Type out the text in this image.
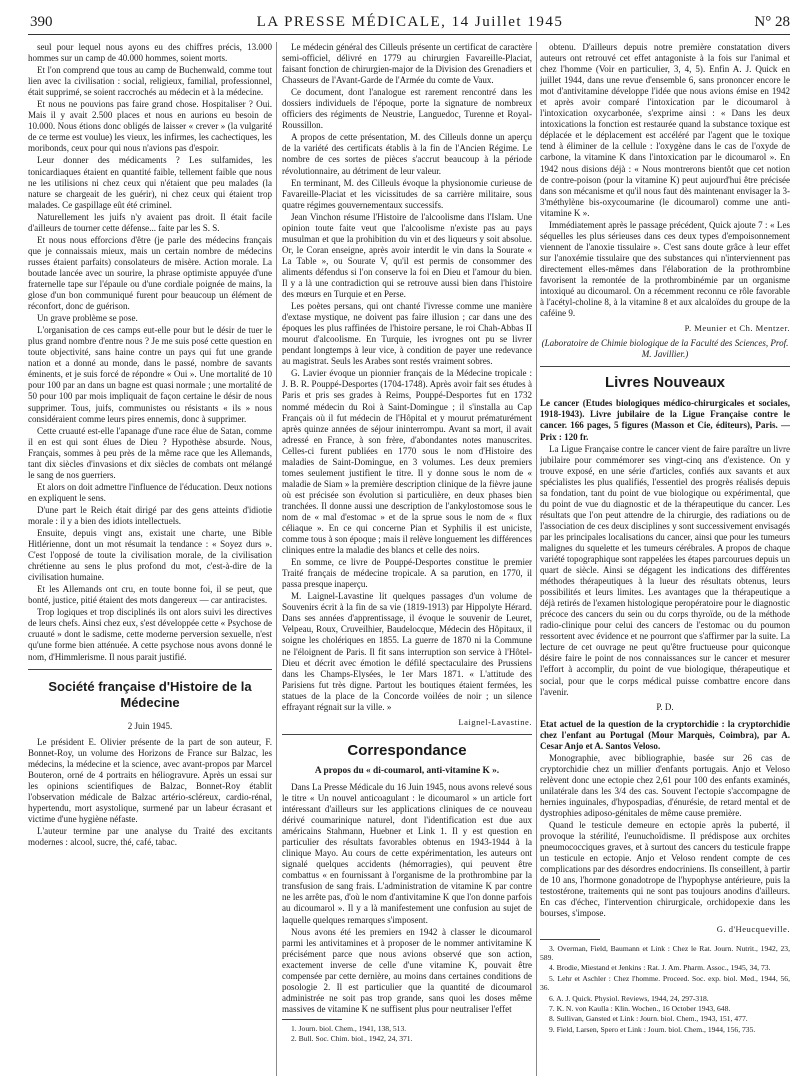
390	LA PRESSE MÉDICALE, 14 Juillet 1945	N° 28

seul pour lequel nous ayons eu des chiffres précis, 13.000 hommes sur un camp de 40.000 hommes, soient morts.

Et l'on comprend que tous au camp de Buchenwald, comme tout lien avec la civilisation : social, religieux, familial, professionnel, était supprimé, se soient raccrochés au médecin et à la médecine.

Et nous ne pouvions pas faire grand chose. Hospitaliser ? Oui. Mais il y avait 2.500 places et nous en aurions eu besoin de 10.000. Nous étions donc obligés de laisser « crever » (la vulgarité de ce terme est voulue) les vieux, les infirmes, les cachectiques, les moribonds, ceux pour qui nous n'avions pas d'espoir.

Leur donner des médicaments ? Les sulfamides, les tonicardiaques étaient en quantité faible, tellement faible que nous ne les utilisions ni chez ceux qui n'étaient que peu malades (la nature se chargeait de les guérir), ni chez ceux qui étaient trop malades. Ce gaspillage eût été criminel.

Naturellement les juifs n'y avaient pas droit. Il était facile d'ailleurs de tourner cette défense... faite par les S. S.

Et nous nous efforcions d'être (je parle des médecins français que je connaissais mieux, mais un certain nombre de médecins russes étaient parfaits) consolateurs de misère. Action morale. La boutade lancée avec un sourire, la phrase optimiste appuyée d'une fraternelle tape sur l'épaule ou d'une cordiale poignée de mains, la glose d'un bon communiqué furent pour beaucoup un élément de réconfort, donc de guérison.

Un grave problème se pose.

L'organisation de ces camps eut-elle pour but le désir de tuer le plus grand nombre d'entre nous ? Je me suis posé cette question en toute objectivité, sans haine contre un pays qui fut une grande nation et a donné au monde, dans le passé, nombre de savants éminents, et je suis forcé de répondre « Oui ». Une mortalité de 10 pour 100 par an dans un bagne est quasi normale ; une mortalité de 50 pour 100 par mois impliquait de façon certaine le désir de nous supprimer. Tous, juifs, communistes ou résistants « ils » nous considéraient comme leurs pires ennemis, donc à supprimer.

Cette cruauté est-elle l'apanage d'une race élue de Satan, comme il en est qui sont élues de Dieu ? Hypothèse absurde. Nous, Français, sommes à peu près de la même race que les Allemands, tant dix siècles d'invasions et dix siècles de combats ont mélangé le sang de nos guerriers.

Et alors on doit admettre l'influence de l'éducation. Deux notions en expliquent le sens.

D'une part le Reich était dirigé par des gens atteints d'idiotie morale : il y a bien des idiots intellectuels.

Ensuite, depuis vingt ans, existait une charte, une Bible Hitlérienne, dont un mot résumait la tendance : « Soyez durs ». C'est l'opposé de toute la civilisation morale, de la civilisation chrétienne au sens le plus profond du mot, c'est-à-dire de la civilisation humaine.

Et les Allemands ont cru, en toute bonne foi, il se peut, que bonté, justice, pitié étaient des mots dangereux — car antiracistes.

Trop logiques et trop disciplinés ils ont alors suivi les directives de leurs chefs. Ainsi chez eux, s'est développée cette « Psychose de cruauté » dont le sadisme, cette moderne perversion sexuelle, n'est qu'une forme bien atténuée. A cette psychose nous avons donné le nom, d'Himmlerisme. Il nous parait justifié.

Société française d'Histoire de la Médecine
2 Juin 1945.

Le président E. Olivier présente de la part de son auteur, F. Bonnet-Roy, un volume des Horizons de France sur Balzac, les médecins, la médecine et la science, avec avant-propos par Marcel Bouteron, orné de 4 portraits en héliogravure. Après un essai sur les opinions scientifiques de Balzac, Bonnet-Roy établit l'observation médicale de Balzac artério-scléreux, cardio-rénal, hypertendu, mort asystolique, surmené par un labeur écrasant et victime d'une hygiène néfaste.

L'auteur termine par une analyse du Traité des excitants modernes : alcool, sucre, thé, café, tabac.

Le médecin général des Cilleuls présente un certificat de caractère semi-officiel, délivré en 1779 au chirurgien Favareille-Placiat, faisant fonction de chirurgien-major de la Division des Grenadiers et Chasseurs de l'Avant-Garde de l'Armée du comte de Vaux.

Ce document, dont l'analogue est rarement rencontré dans les dossiers individuels de l'époque, porte la signature de nombreux officiers des régiments de Neustrie, Languedoc, Turenne et Royal-Roussillon.

A propos de cette présentation, M. des Cilleuls donne un aperçu de la variété des certificats établis à la fin de l'Ancien Régime. Le nombre de ces sortes de pièces s'accrut beaucoup à la période révolutionnaire, au détriment de leur valeur.

En terminant, M. des Cilleuls évoque la physionomie curieuse de Favareille-Placiat et les vicissitudes de sa carrière militaire, sous quatre régimes gouvernementaux successifs.

Jean Vinchon résume l'Histoire de l'alcoolisme dans l'Islam. Une opinion toute faite veut que l'alcoolisme n'existe pas au pays musulman et que la prohibition du vin et des liqueurs y soit absolue. Or, le Coran enseigne, après avoir interdit le vin dans la Sourate « La Table », ou Sourate V, qu'il est permis de consommer des aliments défendus si l'on conserve la foi en Dieu et l'amour du bien. Il y a là une contradiction qui se retrouve aussi bien dans l'histoire des mœurs en Turquie et en Perse.

Les poètes persans, qui ont chanté l'ivresse comme une manière d'extase mystique, ne doivent pas faire illusion ; car dans une des époques les plus raffinées de l'histoire persane, le roi Chah-Abbas II mourut d'alcoolisme. En Turquie, les ivrognes ont pu se livrer pendant longtemps à leur vice, à condition de payer une redevance au magistrat. Seuls les Arabes sont restés vraiment sobres.

G. Lavier évoque un pionnier français de la Médecine tropicale : J. B. R. Pouppé-Desportes (1704-1748). Après avoir fait ses études à Paris et pris ses grades à Reims, Pouppé-Desportes fut en 1732 nommé médecin du Roi à Saint-Domingue ; il s'installa au Cap Français où il fut médecin de l'Hôpital et y mourut prématurément après quinze années de séjour ininterrompu. Avant sa mort, il avait adressé en France, à son frère, d'abondantes notes manuscrites. Celles-ci furent publiées en 1770 sous le nom d'Histoire des maladies de Saint-Domingue, en 3 volumes. Les deux premiers tomes seulement justifient le titre. Il y donne sous le nom de « maladie de Siam » la première description clinique de la fièvre jaune où est précisée son évolution si particulière, en deux phases bien tranchées. Il donne aussi une description de l'ankylostomose sous le nom de « mal d'estomac » et de la sprue sous le nom de « flux céliaque ». En ce qui concerne Pian et Syphilis il est uniciste, comme tous à son époque ; mais il relève longuement les différences cliniques entre la maladie des blancs et celle des noirs.

En somme, ce livre de Pouppé-Desportes constitue le premier Traité français de médecine tropicale. A sa parution, en 1770, il passa presque inaperçu.

M. Laignel-Lavastine lit quelques passages d'un volume de Souvenirs écrit à la fin de sa vie (1819-1913) par Hippolyte Hérard. Dans ses années d'apprentissage, il évoque le souvenir de Leuret, Velpeau, Roux, Cruveilhier, Baudelocque, Médecin des Hôpitaux, il soigne les cholériques en 1855. La guerre de 1870 ni la Commune ne l'éloignent de Paris. Il fit sans interruption son service à l'Hôtel-Dieu et décrit avec émotion le défilé spectaculaire des Prussiens dans les Champs-Elysées, le 1er Mars 1871. « L'attitude des Parisiens fut très digne. Partout les boutiques étaient fermées, les statues de la place de la Concorde voilées de noir ; un silence effrayant régnait sur la ville. »

Laignel-Lavastine.
Correspondance
A propos du « di-coumarol, anti-vitamine K ».

Dans La Presse Médicale du 16 Juin 1945, nous avons relevé sous le titre « Un nouvel anticoagulant : le dicoumarol » un article fort intéressant d'ailleurs sur les applications cliniques de ce nouveau dérivé coumarinique naturel, dont l'identification est due aux américains Stahmann, Huebner et Link 1. Il y est question en particulier des résultats favorables obtenus en 1943-1944 à la clinique Mayo. Au cours de cette expérimentation, les auteurs ont signalé quelques accidents (hémorragies), qui peuvent être combattus « en fournissant à l'organisme de la prothrombine par la transfusion de sang frais. L'administration de vitamine K par contre ne les arrête pas, d'où le nom d'antivitamine K que l'on donne parfois au dicoumarol ». Il y a là manifestement une confusion au sujet de laquelle quelques remarques s'imposent.

Nous avons été les premiers en 1942 à classer le dicoumarol parmi les antivitamines et à proposer de le nommer antivitamine K précisément parce que nous avions observé que son action, exactement inverse de celle d'une vitamine K, pouvait être compensée par cette dernière, au moins dans certaines conditions de posologie 2. Il est particulier que la quantité de dicoumarol administrée ne soit pas trop grande, sans quoi les doses même massives de vitamine K ne suffisent plus pour neutraliser l'effet

1. Journ. biol. Chem., 1941, 138, 513.

2. Bull. Soc. Chim. biol., 1942, 24, 371.

obtenu. D'ailleurs depuis notre première constatation divers auteurs ont retrouvé cet effet antagoniste à la fois sur l'animal et chez l'homme (Voir en particulier, 3, 4, 5). Enfin A. J. Quick en juillet 1944, dans une revue d'ensemble 6, sans prononcer encore le mot d'antivitamine développe l'idée que nous avions émise en 1942 et après avoir comparé l'intoxication par le dicoumarol à l'intoxication oxycarbonée, s'exprime ainsi : « Dans les deux intoxications la fonction est restaurée quand la substance toxique est déplacée et le déplacement est accéléré par l'agent que le toxique tend à éliminer de la cellule : l'oxygène dans le cas de l'oxyde de carbone, la vitamine K dans l'intoxication par le dicoumarol ». En 1942 nous disions déjà : « Nous montrerons bientôt que cet notion de contre-poison (pour la vitamine K) peut aujourd'hui être précisée dans son mécanisme et qu'il nous faut dès maintenant envisager la 3-3'méthylène bis-oxycoumarine (le dicoumarol) comme une anti-vitamine K ».

Immédiatement après le passage précédent, Quick ajoute 7 : « Les séquelles les plus sérieuses dans ces deux types d'empoisonnement viennent de l'anoxie tissulaire ». C'est sans doute grâce à leur effet sur l'anoxémie tissulaire que des substances qui n'interviennent pas directement elles-mêmes dans l'élaboration de la prothrombine favorisent la remontée de la prothrombinémie par un organisme intoxiqué au dicoumarol. On a récemment reconnu ce rôle favorable à l'acétyl-choline 8, à la vitamine 8 et aux alcaloïdes du groupe de la caféine 9.

P. Meunier et Ch. Mentzer.
(Laboratoire de Chimie biologique de la Faculté des Sciences, Prof. M. Javillier.)
Livres Nouveaux

Le cancer (Etudes biologiques médico-chirurgicales et sociales, 1918-1943). Livre jubilaire de la Ligue Française contre le cancer. 166 pages, 5 figures (Masson et Cie, éditeurs), Paris. — Prix : 120 fr.

La Ligue Française contre le cancer vient de faire paraître un livre jubilaire pour commémorer ses vingt-cinq ans d'existence. On y trouve exposé, en une série d'articles, confiés aux savants et aux spécialistes les plus qualifiés, l'essentiel des progrès réalisés depuis sa fondation, tant du point de vue biologique ou expérimental, que du point de vue du diagnostic et de la thérapeutique du cancer. Les résultats que l'on peut attendre de la chirurgie, des radiations ou de l'association de ces deux disciplines y sont successivement envisagés par les principales localisations du cancer, ainsi que pour les tumeurs malignes du squelette et les tumeurs cérébrales. A propos de chaque variété topographique sont rappelées les étapes parcourues depuis un quart de siècle. Ainsi se dégagent les indications des différentes méthodes thérapeutiques à la lueur des résultats obtenus, leurs possibilités et leurs limites. Les avantages que la thérapeutique a déjà retirés de l'examen histologique peropératoire pour le diagnostic précoce des cancers du sein ou du corps thyroïde, ou de la méthode radio-clinique pour celui des cancers de l'estomac ou du poumon ressortent avec évidence et ne pourront que s'affirmer par la suite. La lecture de cet ouvrage ne peut qu'être fructueuse pour quiconque désire faire le point de nos connaissances sur le cancer et mesurer l'effort à accomplir, du point de vue biologique, thérapeutique et social, pour que le corps médical puisse combattre encore dans l'avenir.

P. D.

Etat actuel de la question de la cryptorchidie : la cryptorchidie chez l'enfant au Portugal (Mour Marquès, Coimbra), par A. Cesar Anjo et A. Santos Veloso.

Monographie, avec bibliographie, basée sur 26 cas de cryptorchidie chez un millier d'enfants portugais. Anjo et Veloso relèvent donc une ectopie chez 2,61 pour 100 des enfants examinés, unilatérale dans les 3/4 des cas. Souvent l'ectopie s'accompagne de hernies inguinales, d'hypospadias, d'énurésie, de retard mental et de dystrophies adiposo-génitales de même cause première.

Quand le testicule demeure en ectopie après la puberté, il provoque la stérilité, l'eunuchoïdisme. Il prédispose aux orchites pneumococciques graves, et à surtout des cancers du testicule frappe un testicule en ectopie. Anjo et Veloso rendent compte de ces complications par des désordres endocriniens. Ils conseillent, à partir de 10 ans, l'hormone gonadotrope de l'hypophyse antérieure, puis la testostérone, traitements qui ne sont pas toujours anodins d'ailleurs. En cas d'échec, l'intervention chirurgicale, orchidopexie dans les bourses, s'impose.

G. d'Heucqueville.

3. Overman, Field, Baumann et Link : Chez le Rat. Journ. Nutrit., 1942, 23, 589.

4. Brodie, Miestand et Jenkins : Rat. J. Am. Pharm. Assoc., 1945, 34, 73.

5. Lehr et Aschler : Chez l'homme. Proceed. Soc. exp. biol. Med., 1944, 56, 36.

6. A. J. Quick. Physiol. Reviews, 1944, 24, 297-318.

7. K. N. von Kaulla : Klin. Wochen., 16 October 1943, 648.

8. Sullivan, Gansted et Link : Journ. biol. Chem., 1943, 151, 477.

9. Field, Larsen, Spero et Link : Journ. biol. Chem., 1944, 156, 735.
